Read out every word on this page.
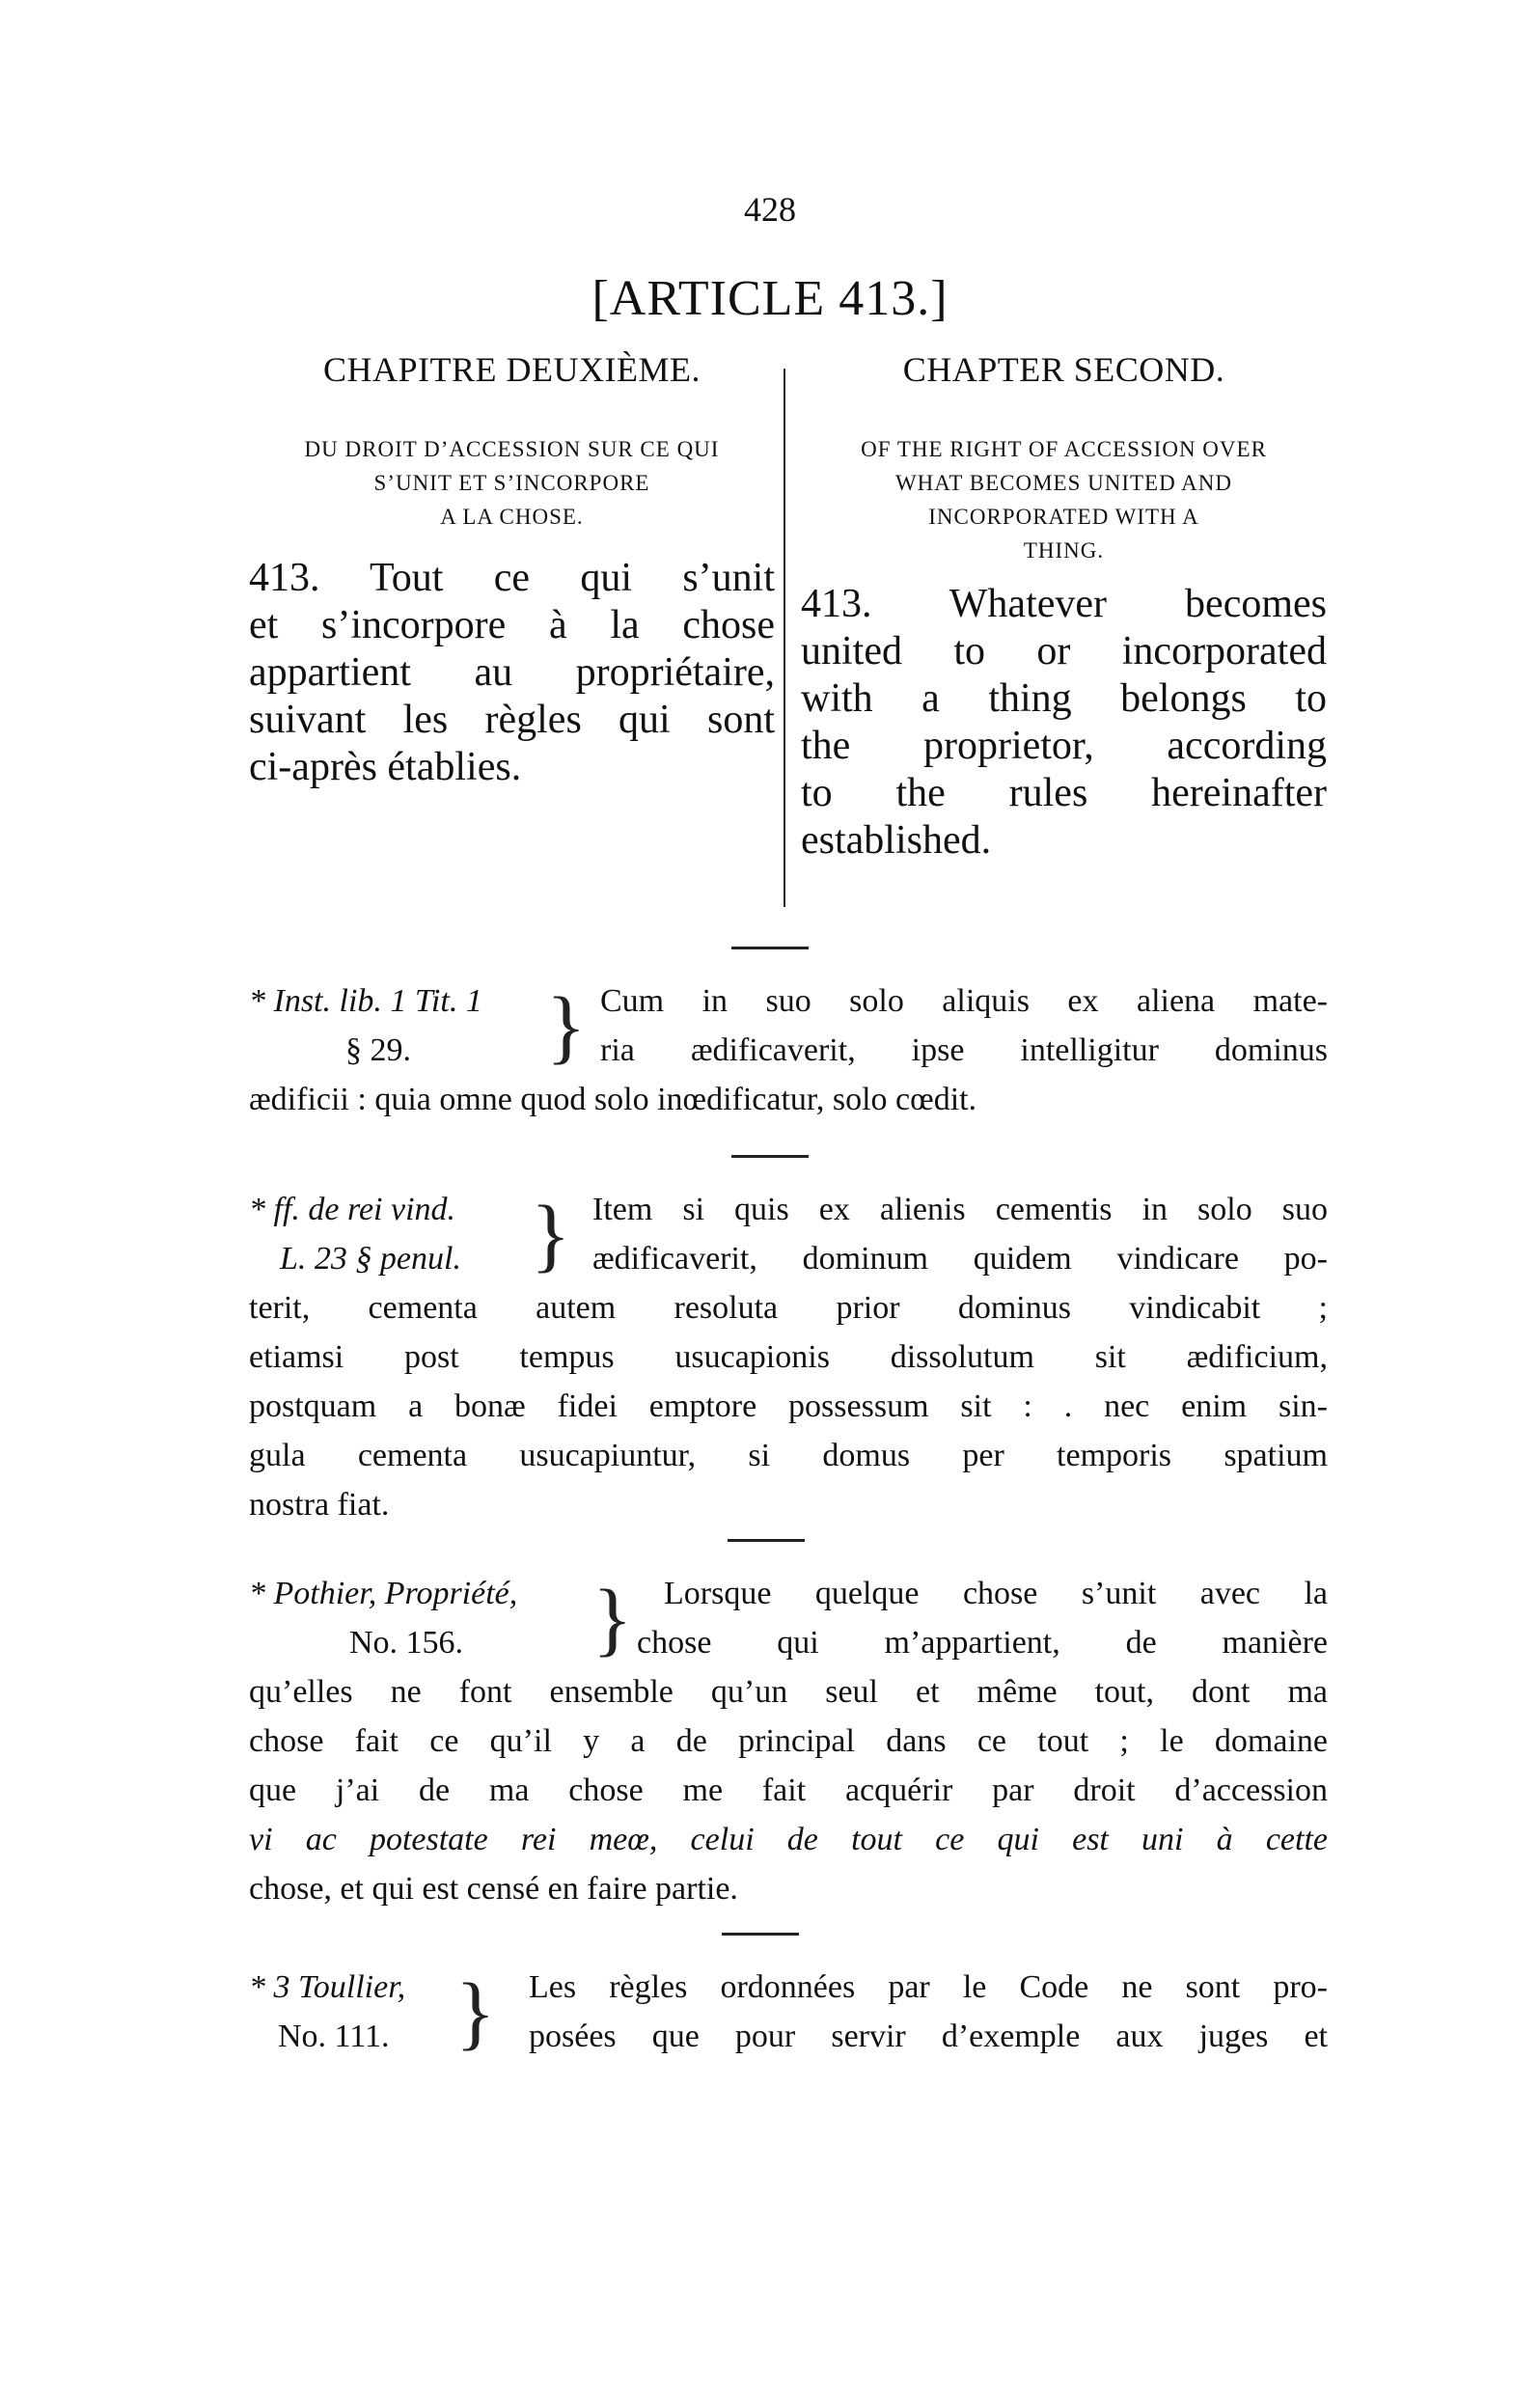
428
[ARTICLE 413.]
CHAPITRE DEUXIÈME.
DU DROIT D’ACCESSION SUR CE QUI
S’UNIT ET S’INCORPORE
A LA CHOSE.
413. Tout ce qui s’unit
et s’incorpore à la chose
appartient au propriétaire,
suivant les règles qui sont
ci-après établies.
CHAPTER SECOND.
OF THE RIGHT OF ACCESSION OVER
WHAT BECOMES UNITED AND
INCORPORATED WITH A
THING.
413. Whatever becomes
united to or incorporated
with a thing belongs to
the proprietor, according
to the rules hereinafter
established.
* Inst. lib. 1 Tit. 1
§ 29. } Cum in suo solo aliquis ex aliena mate-
ria ædificaverit, ipse intelligitur dominus
ædificii : quia omne quod solo inœdificatur, solo cœdit.
* ff. de rei vind.
L. 23 § penul. } Item si quis ex alienis cementis in solo suo
ædificaverit, dominum quidem vindicare po-
terit, cementa autem resoluta prior dominus vindicabit ;
etiamsi post tempus usucapionis dissolutum sit ædificium,
postquam a bonæ fidei emptore possessum sit : . nec enim sin-
gula cementa usucapiuntur, si domus per temporis spatium
nostra fiat.
* Pothier, Propriété,
No. 156. } Lorsque quelque chose s’unit avec la
chose qui m’appartient, de manière
qu’elles ne font ensemble qu’un seul et même tout, dont ma
chose fait ce qu’il y a de principal dans ce tout ; le domaine
que j’ai de ma chose me fait acquérir par droit d’accession
vi ac potestate rei meœ, celui de tout ce qui est uni à cette
chose, et qui est censé en faire partie.
* 3 Toullier,
No. 111. } Les règles ordonnées par le Code ne sont pro-
posées que pour servir d’exemple aux juges et
